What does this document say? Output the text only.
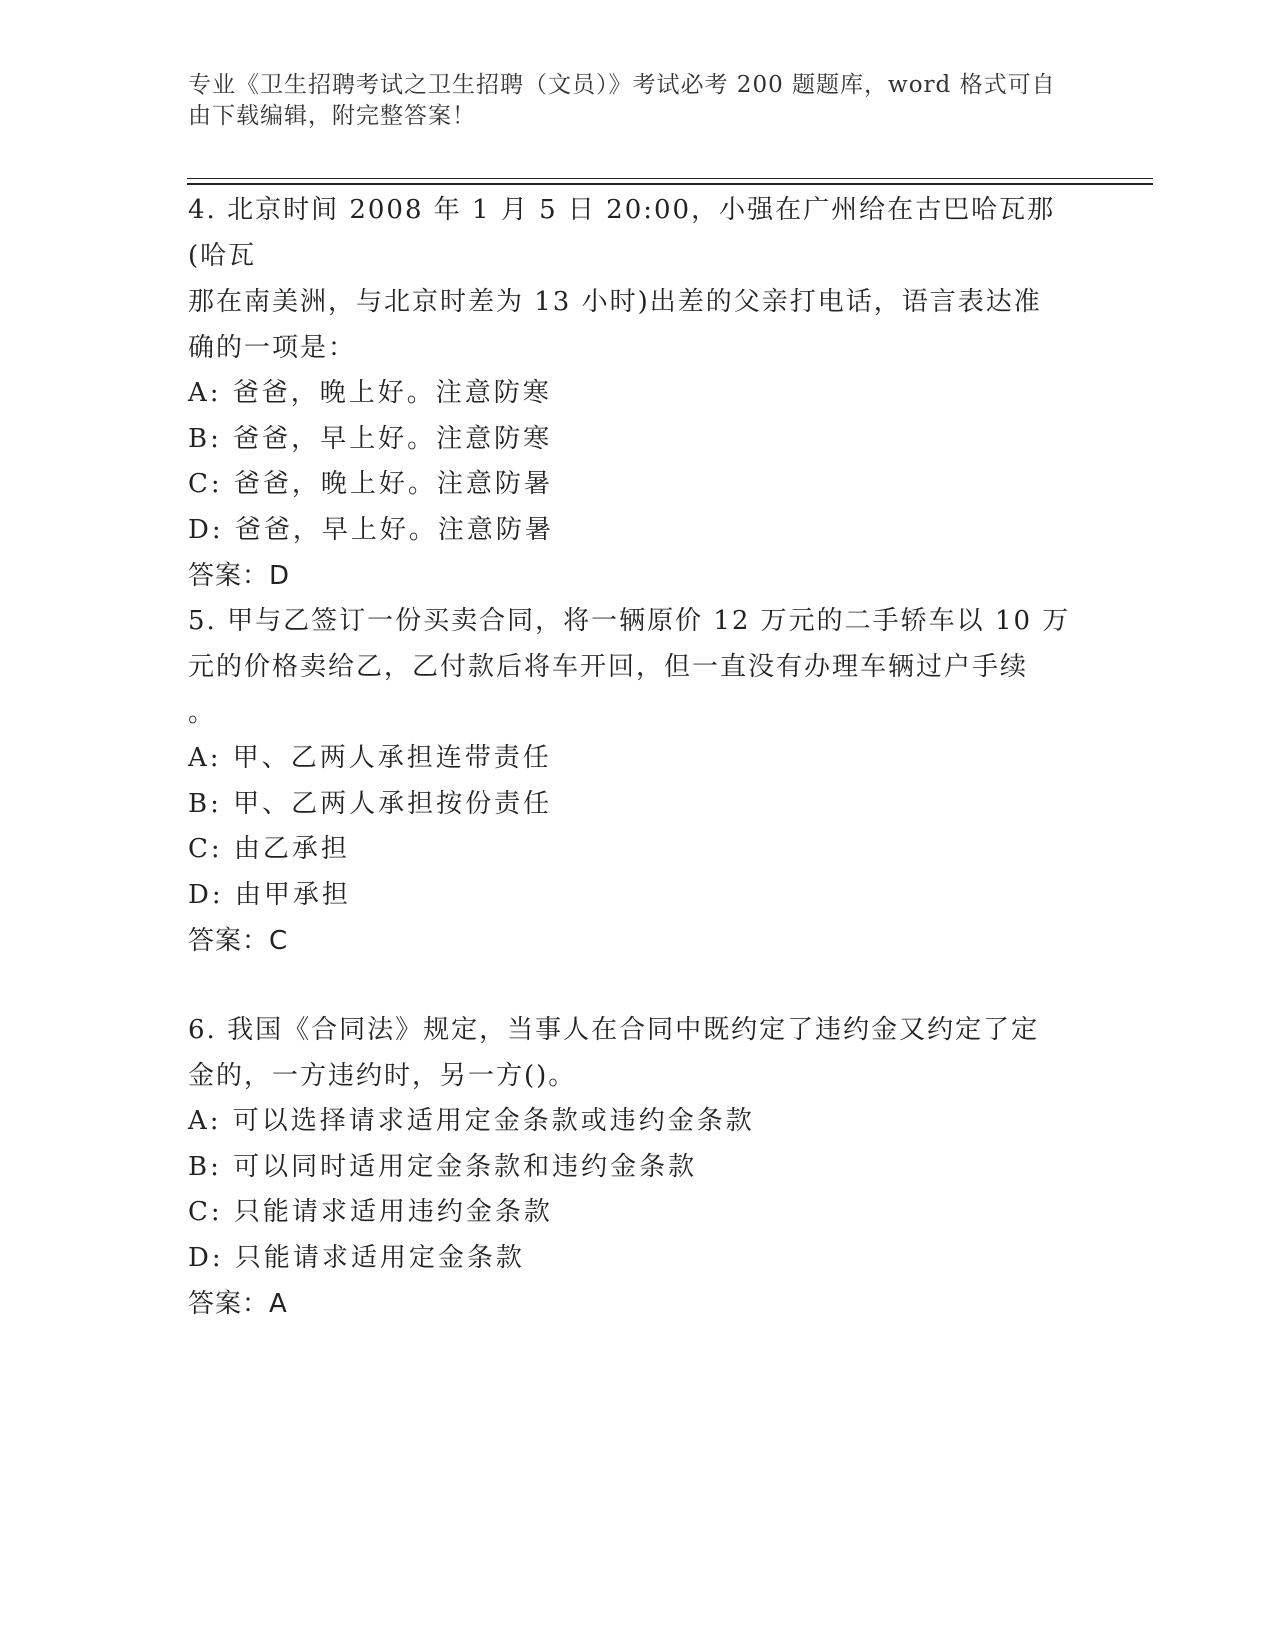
专业《卫生招聘考试之卫生招聘（文员）》考试必考 200 题题库，word 格式可自
由下载编辑，附完整答案！

4. 北京时间 2008 年 1 月 5 日 20:00，小强在广州给在古巴哈瓦那(哈瓦

那在南美洲，与北京时差为 13 小时)出差的父亲打电话，语言表达准

确的一项是：

A: 爸爸，晚上好。注意防寒

B: 爸爸，早上好。注意防寒

C: 爸爸，晚上好。注意防暑

D: 爸爸，早上好。注意防暑

答案：D

5. 甲与乙签订一份买卖合同，将一辆原价 12 万元的二手轿车以 10 万

元的价格卖给乙，乙付款后将车开回，但一直没有办理车辆过户手续

。

A: 甲、乙两人承担连带责任

B: 甲、乙两人承担按份责任

C: 由乙承担

D: 由甲承担

答案：C

6. 我国《合同法》规定，当事人在合同中既约定了违约金又约定了定

金的，一方违约时，另一方()。

A: 可以选择请求适用定金条款或违约金条款

B: 可以同时适用定金条款和违约金条款

C: 只能请求适用违约金条款

D: 只能请求适用定金条款

答案：A
